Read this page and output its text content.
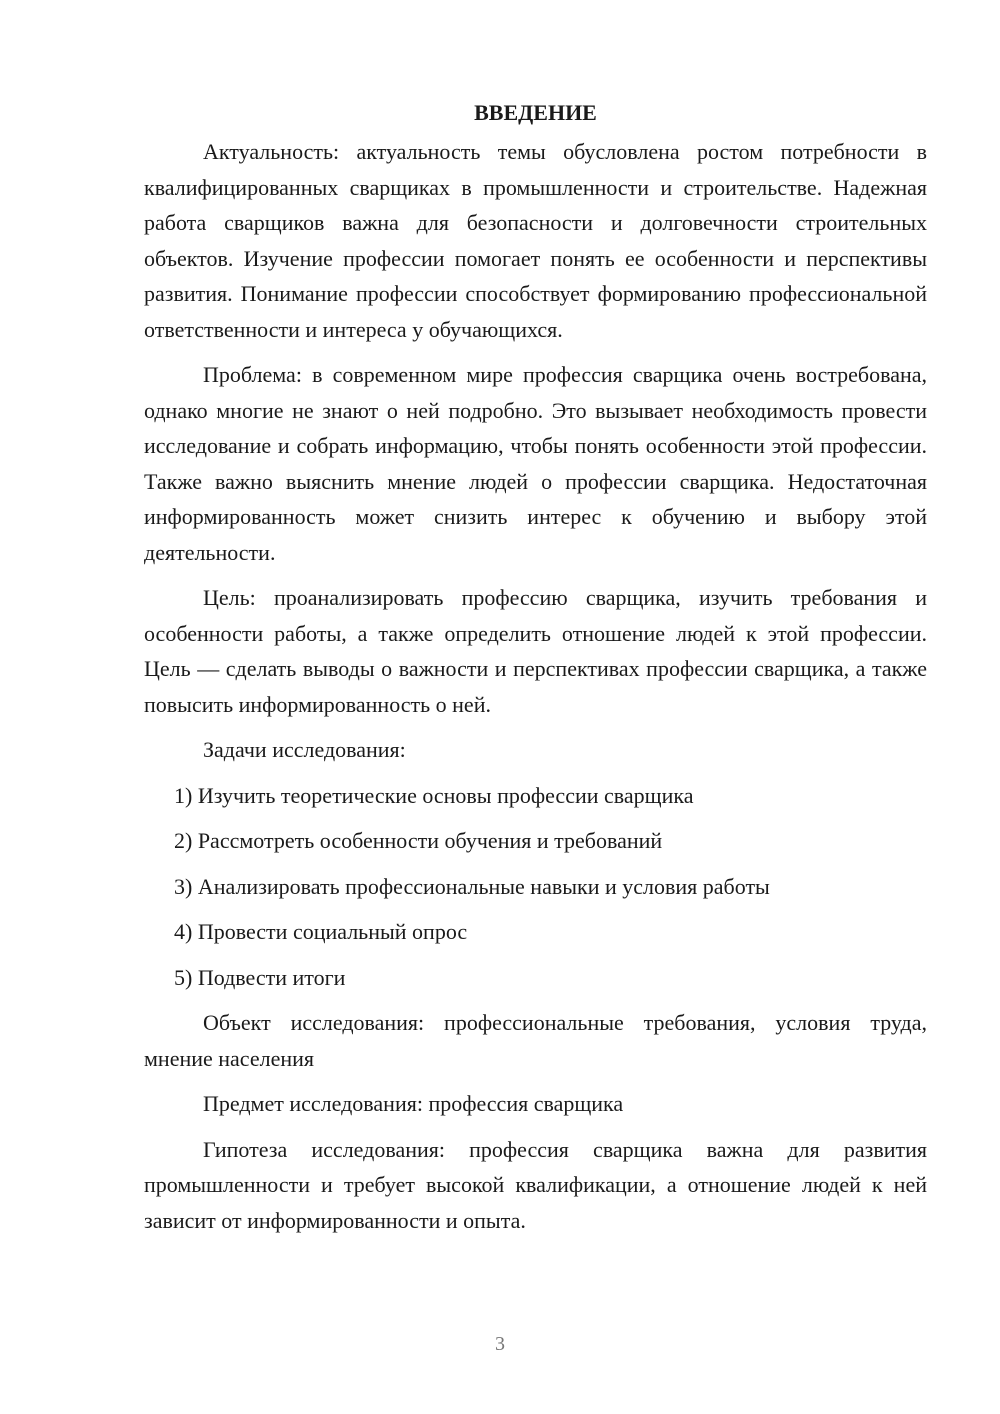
ВВЕДЕНИЕ

Актуальность: актуальность темы обусловлена ростом потребности в квалифицированных сварщиках в промышленности и строительстве. Надежная работа сварщиков важна для безопасности и долговечности строительных объектов. Изучение профессии помогает понять ее особенности и перспективы развития. Понимание профессии способствует формированию профессиональной ответственности и интереса у обучающихся.

Проблема: в современном мире профессия сварщика очень востребована, однако многие не знают о ней подробно. Это вызывает необходимость провести исследование и собрать информацию, чтобы понять особенности этой профессии. Также важно выяснить мнение людей о профессии сварщика. Недостаточная информированность может снизить интерес к обучению и выбору этой деятельности.

Цель: проанализировать профессию сварщика, изучить требования и особенности работы, а также определить отношение людей к этой профессии. Цель — сделать выводы о важности и перспективах профессии сварщика, а также повысить информированность о ней.

Задачи исследования:

1) Изучить теоретические основы профессии сварщика
2) Рассмотреть особенности обучения и требований
3) Анализировать профессиональные навыки и условия работы
4) Провести социальный опрос
5) Подвести итоги

Объект исследования: профессиональные требования, условия труда, мнение населения

Предмет исследования: профессия сварщика

Гипотеза исследования: профессия сварщика важна для развития промышленности и требует высокой квалификации, а отношение людей к ней зависит от информированности и опыта.

3
